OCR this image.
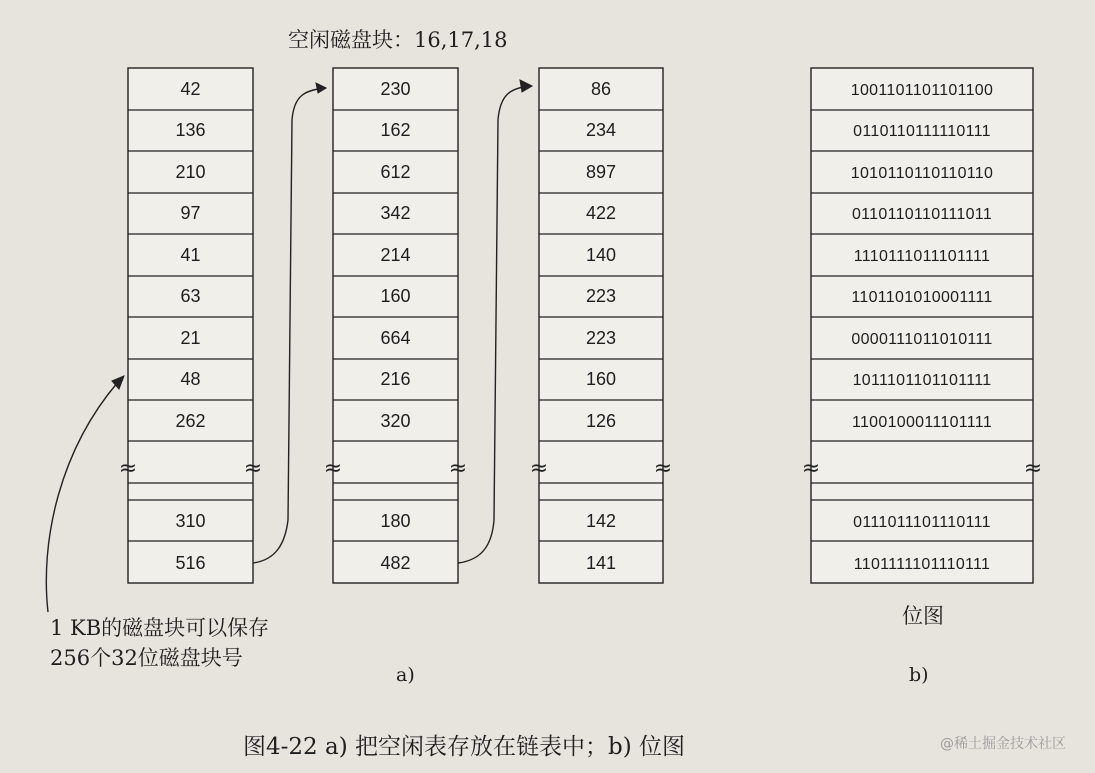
≈	≈
42
136
210
97
41
63
21
48
262
310
516
≈	≈
230
162
612
342
214
160
664
216
320
180
482
≈	≈
86
234
897
422
140
223
223
160
126
142
141
≈	≈
1001101101101100
0110110111110111
1010110110110110
0110110110111011
1110111011101111
1101101010001111
0000111011010111
1011101101101111
1100100011101111
0111011101110111
1101111101110111
空闲磁盘块：16,17,18
1 KB的磁盘块可以保存
256个32位磁盘块号
a)
位图
b)
图4-22 a) 把空闲表存放在链表中；b) 位图	@稀土掘金技术社区
